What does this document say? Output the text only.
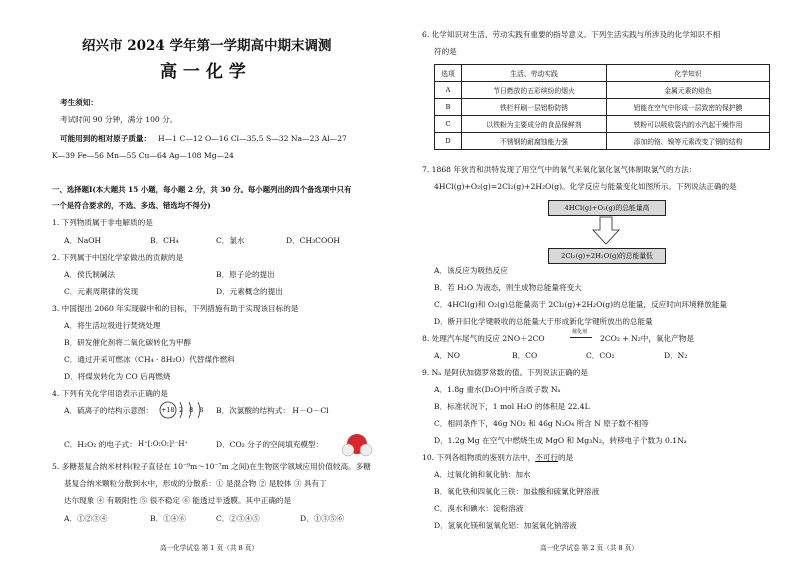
绍兴市 2024 学年第一学期高中期末调测
高 一 化 学
考生须知：
考试时间 90 分钟，满分 100 分。
可能用到的相对原子质量： H—1 C—12 O—16 Cl—35.5 S—32 Na—23 Al—27
K—39 Fe—56 Mn—55 Cu—64 Ag—108 Mg—24
一、选择题Ⅰ(本大题共 15 小题，每小题 2 分，共 30 分。每小题列出的四个备选项中只有
一个是符合要求的，不选、多选、错选均不得分)
1. 下列物质属于非电解质的是
A．NaOH	B．CH₄	C．氯水	D．CH₃COOH
2. 下列属于中国化学家做出的贡献的是
A．侯氏制碱法	B．原子论的提出
C．元素周期律的发现	D．元素概念的提出
3. 中国提出 2060 年实现碳中和的目标，下列措施有助于实现该目标的是
A．将生活垃圾进行焚烧处理
B．研发催化剂将二氧化碳转化为甲醇
C．通过开采可燃冰（CH₄ · 8H₂O）代替煤作燃料
D．将煤炭转化为 CO 后再燃烧
4. 下列有关化学用语表示正确的是
A．硫离子的结构示意图： +18 2 8 8 B．次氯酸的结构式： H－O－Cl
C．H₂O₂ 的电子式： H⁺[:O:O:]²⁻H⁺	D．CO₂ 分子的空间填充模型：
5. 多糖基复合纳米材料(粒子直径在 10⁻⁹m～10⁻⁷m 之间)在生物医学领域应用价值较高。多糖
基复合纳米颗粒分散到水中，形成的分散系：① 是混合物 ② 是胶体 ③ 具有丁
达尔现象 ④ 有吸附性 ⑤ 很不稳定 ⑥ 能透过半透膜。其中正确的是
A．①②③④	B．①④⑥	C．②③④⑤	D．①③⑤⑥
高一化学试卷 第 1 页（共 8 页）
6. 化学知识对生活、劳动实践有重要的指导意义。下列生活实践与所涉及的化学知识不相
符的是
选项	生活、劳动实践	化学知识
A	节日燃放的五彩缤纷的烟火	金属元素的焰色
B	铁栏杆刷一层铝粉防锈	铝能在空气中形成一层致密的保护膜
C	以铁粉为主要成分的食品保鲜剂	铁粉可以吸收袋内的水汽起干燥作用
D	不锈钢的耐腐蚀能力强	添加的铬、镍等元素改变了钢的结构
7. 1868 年狄肯和洪特发现了用空气中的氧气来氧化氯化氢气体制取氯气的方法：
4HCl(g)+O₂(g)=2Cl₂(g)+2H₂O(g)。化学反应与能量变化如图所示。下列说法正确的是
4HCl(g)+O₂(g)的总能量高
2Cl₂(g)+2H₂O(g)的总能量低
A．该反应为吸热反应
B．若 H₂O 为液态，则生成物总能量将变大
C．4HCl(g)和 O₂(g)总能量高于 2Cl₂(g)+2H₂O(g)的总能量，反应时向环境释放能量
D．断开旧化学键吸收的总能量大于形成新化学键所放出的总能量
8. 处理汽车尾气的反应 2NO＋2CO
催化剂
2CO₂ + N₂中，氧化产物是
A．NO	B．CO	C．CO₂	D．N₂
9. Nₐ 是阿伏加德罗常数的值。下列说法正确的是
A．1.8g 重水(D₂O)中所含质子数 Nₐ
B．标准状况下，1 mol H₂O 的体积是 22.4L
C．相同条件下，46g NO₂ 和 46g N₂O₄ 所含 N 原子数不相等
D．1.2g Mg 在空气中燃烧生成 MgO 和 Mg₃N₂，转移电子个数为 0.1Nₐ
10. 下列各组物质的鉴别方法中，不可行的是
A．过氧化钠和氧化钠：加水
B．氧化铁和四氧化三铁：加盐酸和硫氰化钾溶液
C．溴水和碘水：淀粉溶液
D．氢氧化镁和氢氧化铝：加氢氧化钠溶液
高一化学试卷 第 2 页（共 8 页）
